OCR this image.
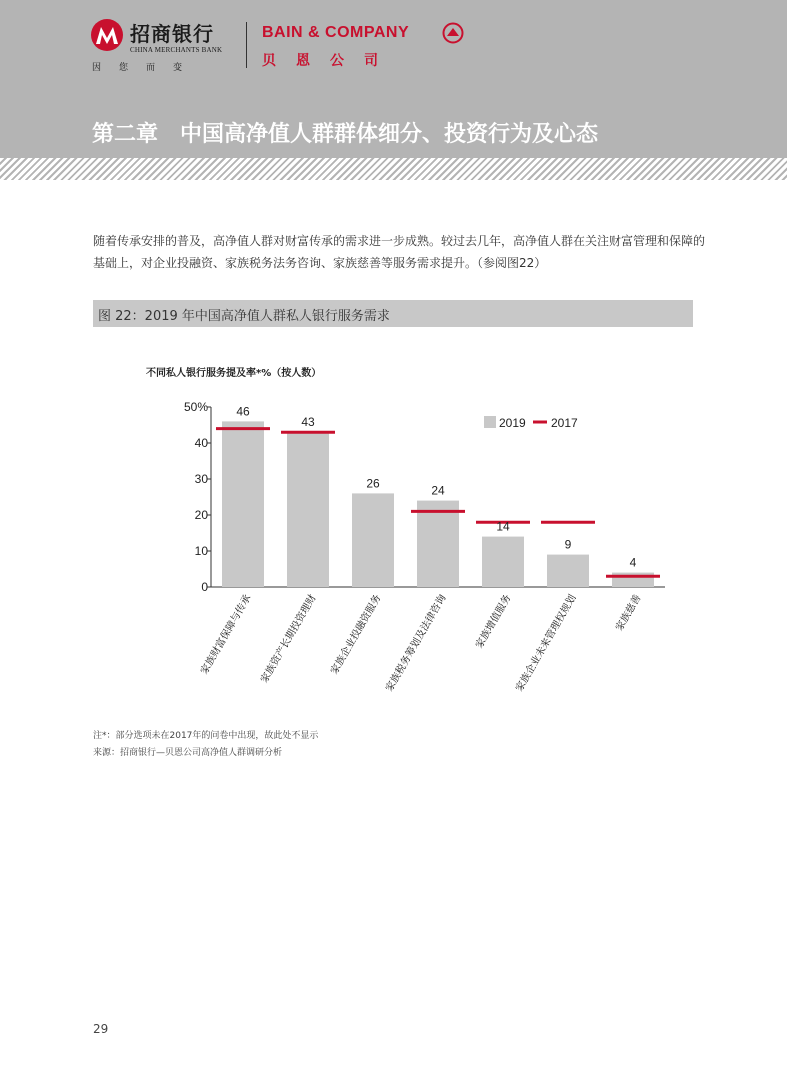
招商银行
CHINA MERCHANTS BANK
因您而变
BAIN & COMPANY
贝恩公司
第二章　中国高净值人群群体细分、投资行为及心态
随着传承安排的普及，高净值人群对财富传承的需求进一步成熟。较过去几年，高净值人群在关注财富管理和保障的基础上，对企业投融资、家族税务法务咨询、家族慈善等服务需求提升。（参阅图22）
图 22：2019 年中国高净值人群私人银行服务需求
不同私人银行服务提及率*%（按人数）
0
10
20
30
40
50% 46
43
26
24
14
9
4
家族财富保障与传承 家族资产长期投资理财 家族企业投融资服务 家族税务筹划及法律咨询	家族增值服务 家族企业未来管理权规划	家族慈善
2019 2017
注*：部分选项未在2017年的问卷中出现，故此处不显示
来源：招商银行—贝恩公司高净值人群调研分析
29
